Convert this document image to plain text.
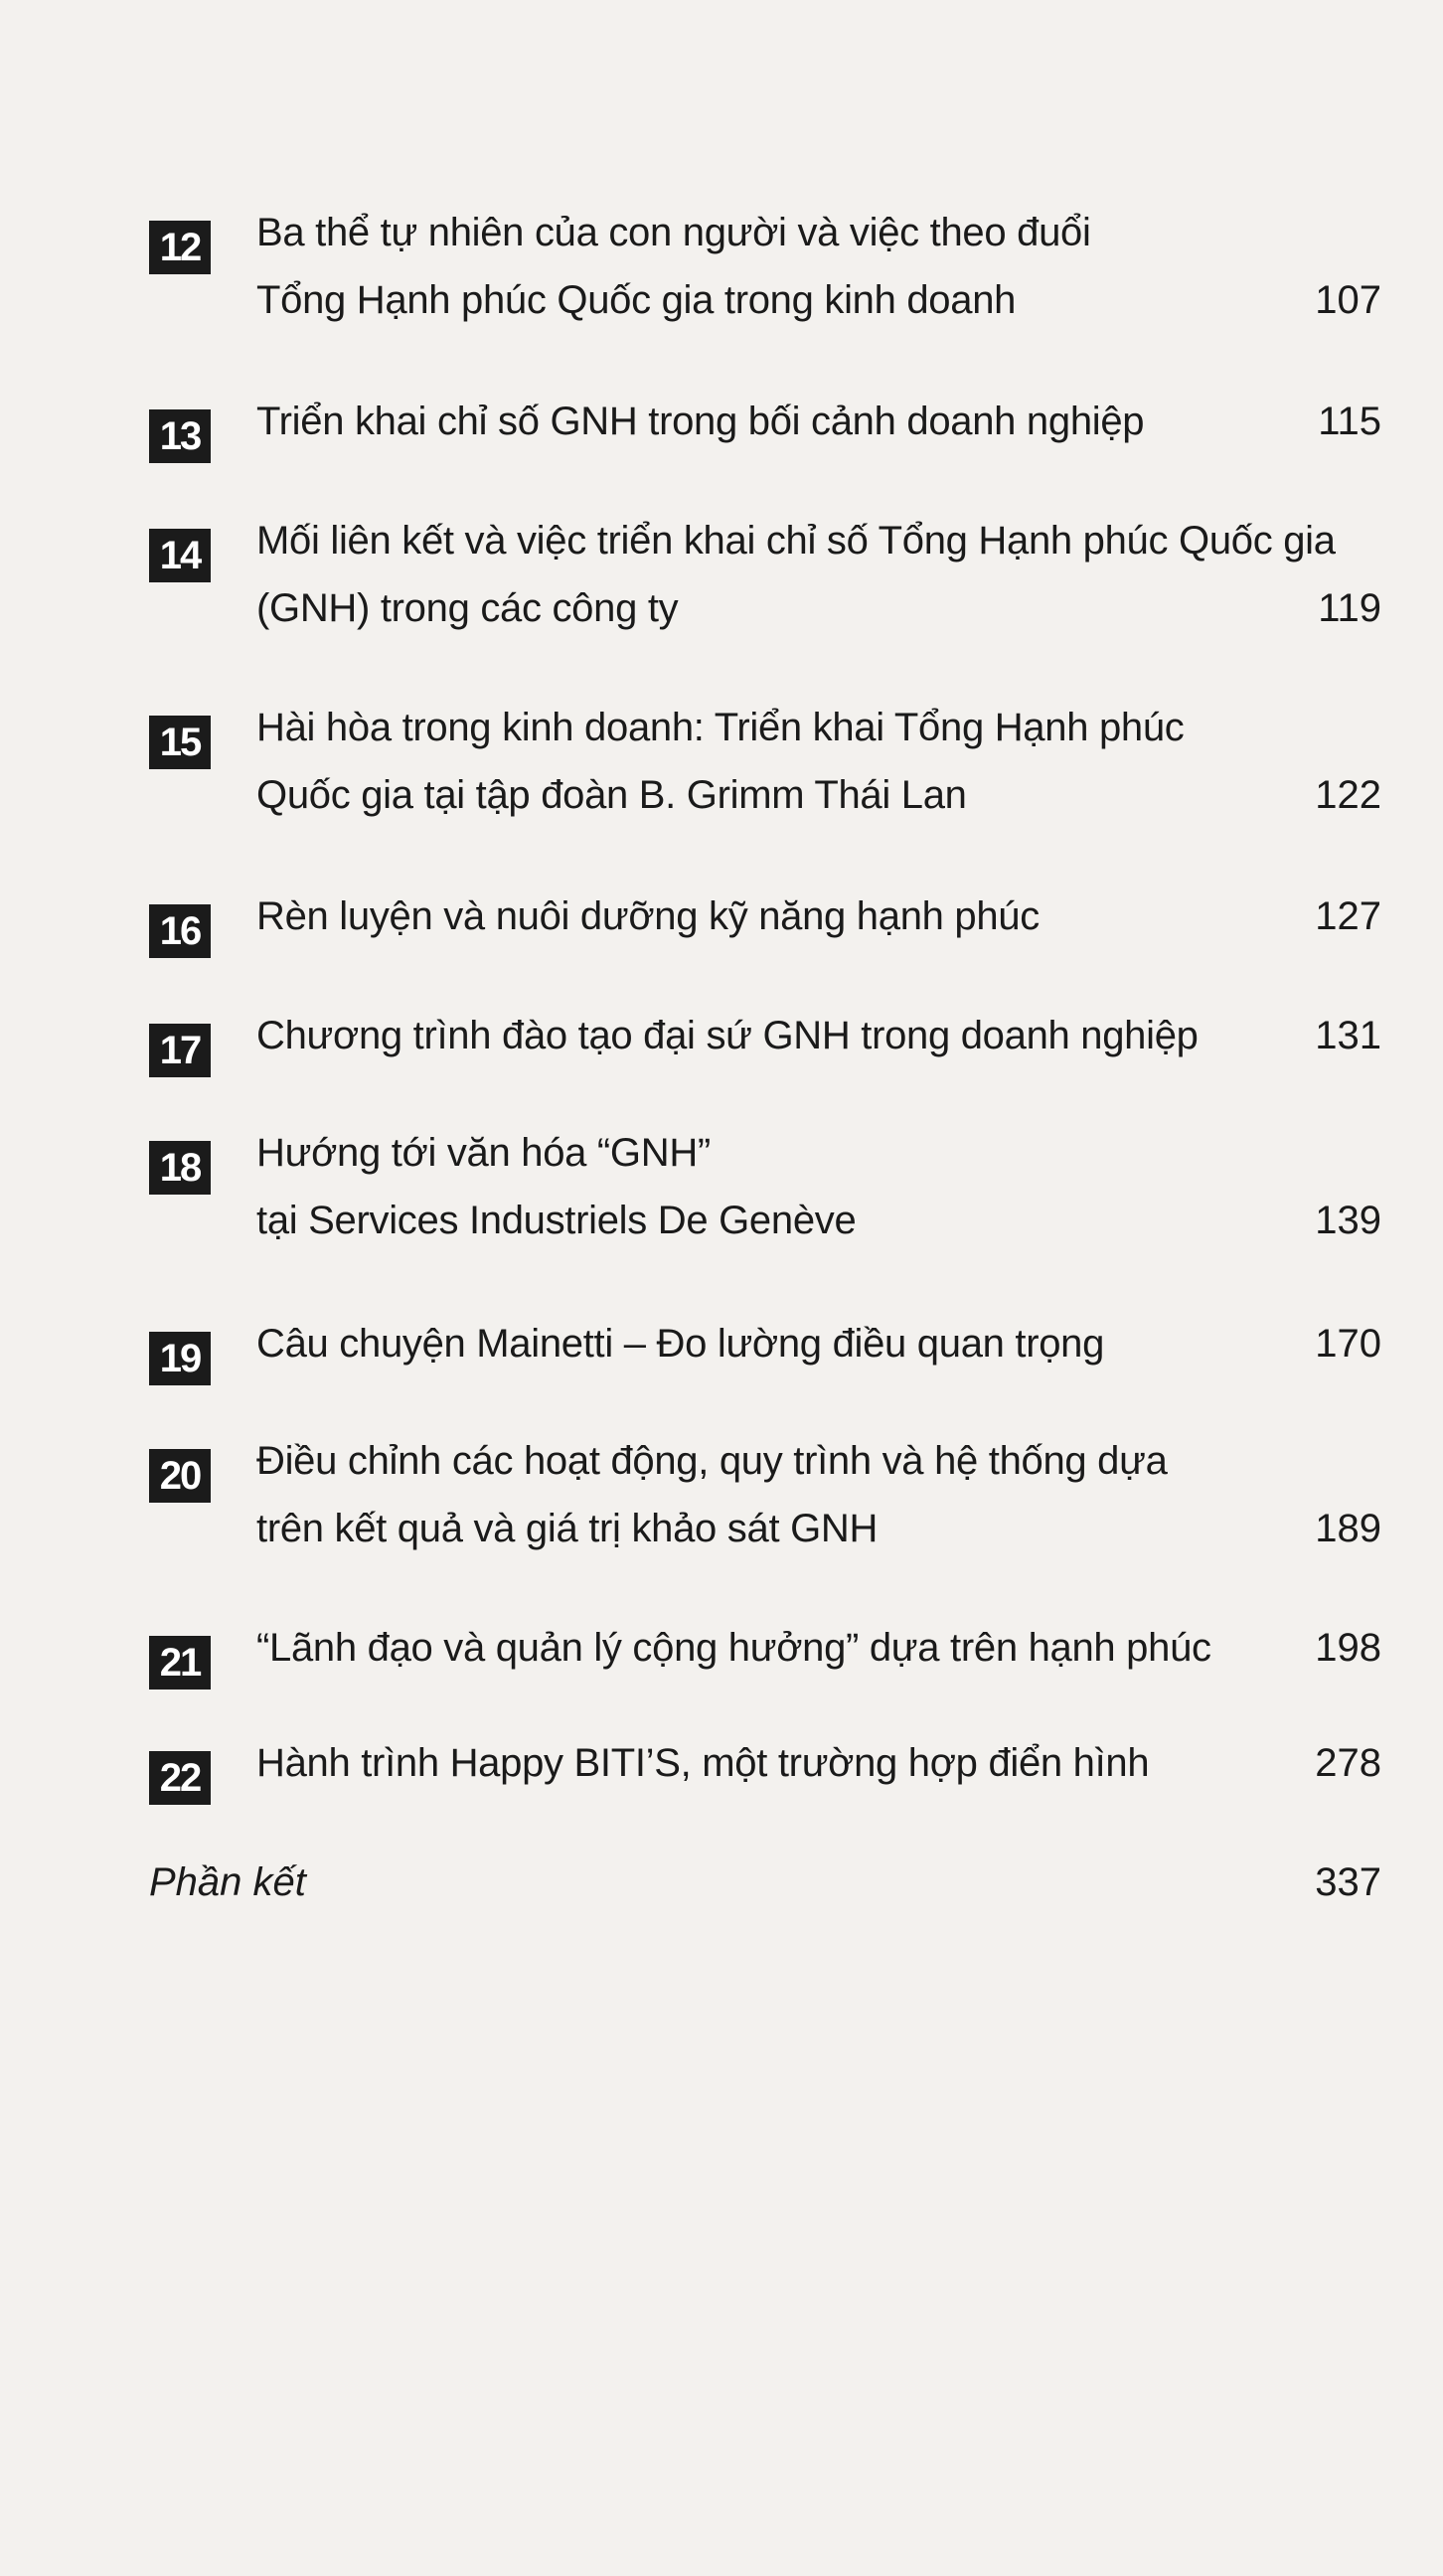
12 Ba thể tự nhiên của con người và việc theo đuổi
Tổng Hạnh phúc Quốc gia trong kinh doanh	107
13 Triển khai chỉ số GNH trong bối cảnh doanh nghiệp	115
14 Mối liên kết và việc triển khai chỉ số Tổng Hạnh phúc Quốc gia
(GNH) trong các công ty	119
15 Hài hòa trong kinh doanh: Triển khai Tổng Hạnh phúc
Quốc gia tại tập đoàn B. Grimm Thái Lan	122
16 Rèn luyện và nuôi dưỡng kỹ năng hạnh phúc	127
17 Chương trình đào tạo đại sứ GNH trong doanh nghiệp	131
18 Hướng tới văn hóa “GNH”
tại Services Industriels De Genève	139
19 Câu chuyện Mainetti – Đo lường điều quan trọng	170
20 Điều chỉnh các hoạt động, quy trình và hệ thống dựa
trên kết quả và giá trị khảo sát GNH	189
21 “Lãnh đạo và quản lý cộng hưởng” dựa trên hạnh phúc	198
22 Hành trình Happy BITI’S, một trường hợp điển hình	278
Phần kết	337
